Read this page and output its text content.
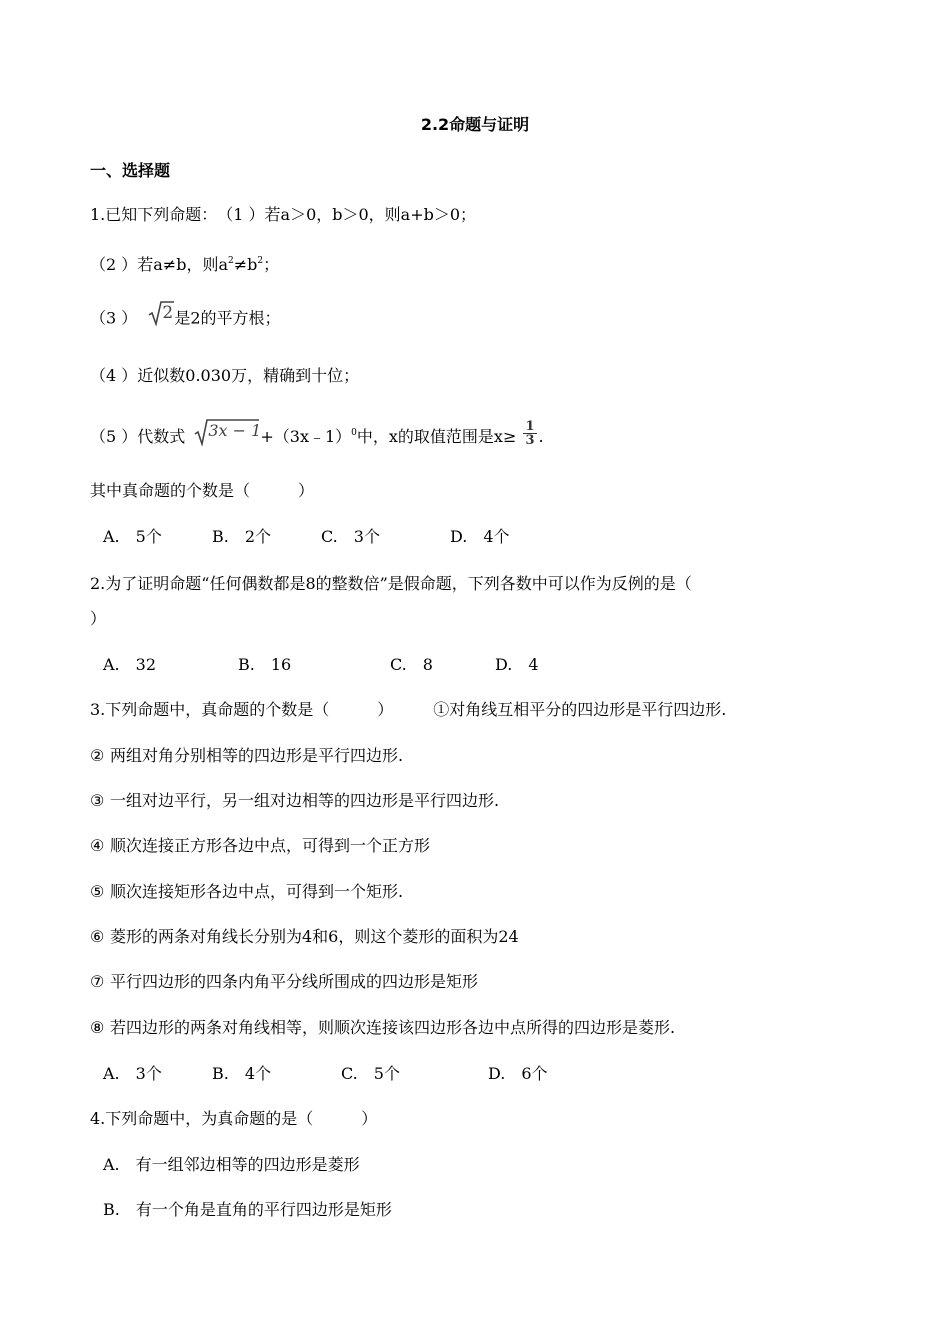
2.2命题与证明
一、选择题
1.已知下列命题：　（1 ）若a＞0，b＞0，则a+b＞0；
（2 ）若a≠b，则$a^2\ne b^2$；
（3 ） 2 是2的平方根；
（4 ）近似数0.030万，精确到十位；
（5 ）代数式 3x − 1 +（3x﹣1）$^0$中，x的取值范围是$x\ge \frac{1}{3}$ .
其中真命题的个数是（　　　）
A.　5个	B.　2个	C.　3个	D.　4个
2.为了证明命题“任何偶数都是8的整数倍”是假命题，下列各数中可以作为反例的是（
）
A.　32	B.　16	C.　8	D.　4
3.下列命题中，真命题的个数是（　　　）　　　①对角线互相平分的四边形是平行四边形.
② 两组对角分别相等的四边形是平行四边形.
③ 一组对边平行，另一组对边相等的四边形是平行四边形.
④ 顺次连接正方形各边中点，可得到一个正方形
⑤ 顺次连接矩形各边中点，可得到一个矩形.
⑥ 菱形的两条对角线长分别为4和6，则这个菱形的面积为24
⑦ 平行四边形的四条内角平分线所围成的四边形是矩形
⑧ 若四边形的两条对角线相等，则顺次连接该四边形各边中点所得的四边形是菱形.
A.　3个	B.　4个	C.　5个	D.　6个
4.下列命题中，为真命题的是（　　　）
A.　有一组邻边相等的四边形是菱形
B.　有一个角是直角的平行四边形是矩形
